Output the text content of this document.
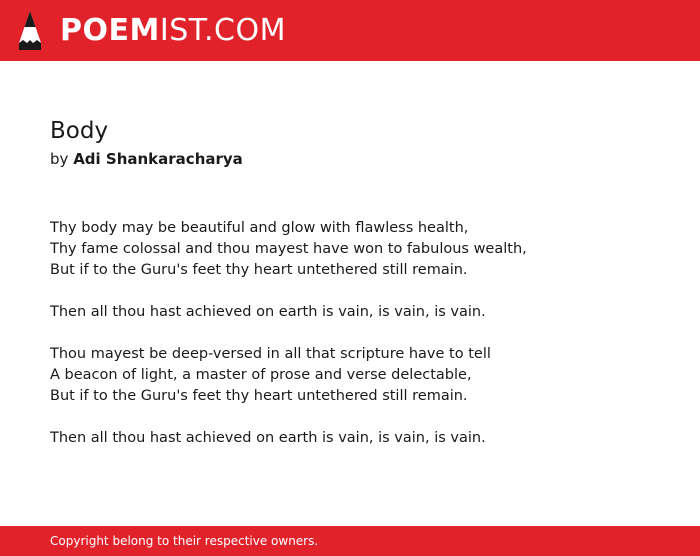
POEMIST.COM
Body
by Adi Shankaracharya

Thy body may be beautiful and glow with flawless health,
Thy fame colossal and thou mayest have won to fabulous wealth,
But if to the Guru's feet thy heart untethered still remain.

Then all thou hast achieved on earth is vain, is vain, is vain.

Thou mayest be deep-versed in all that scripture have to tell
A beacon of light, a master of prose and verse delectable,
But if to the Guru's feet thy heart untethered still remain.

Then all thou hast achieved on earth is vain, is vain, is vain.

Copyright belong to their respective owners.
